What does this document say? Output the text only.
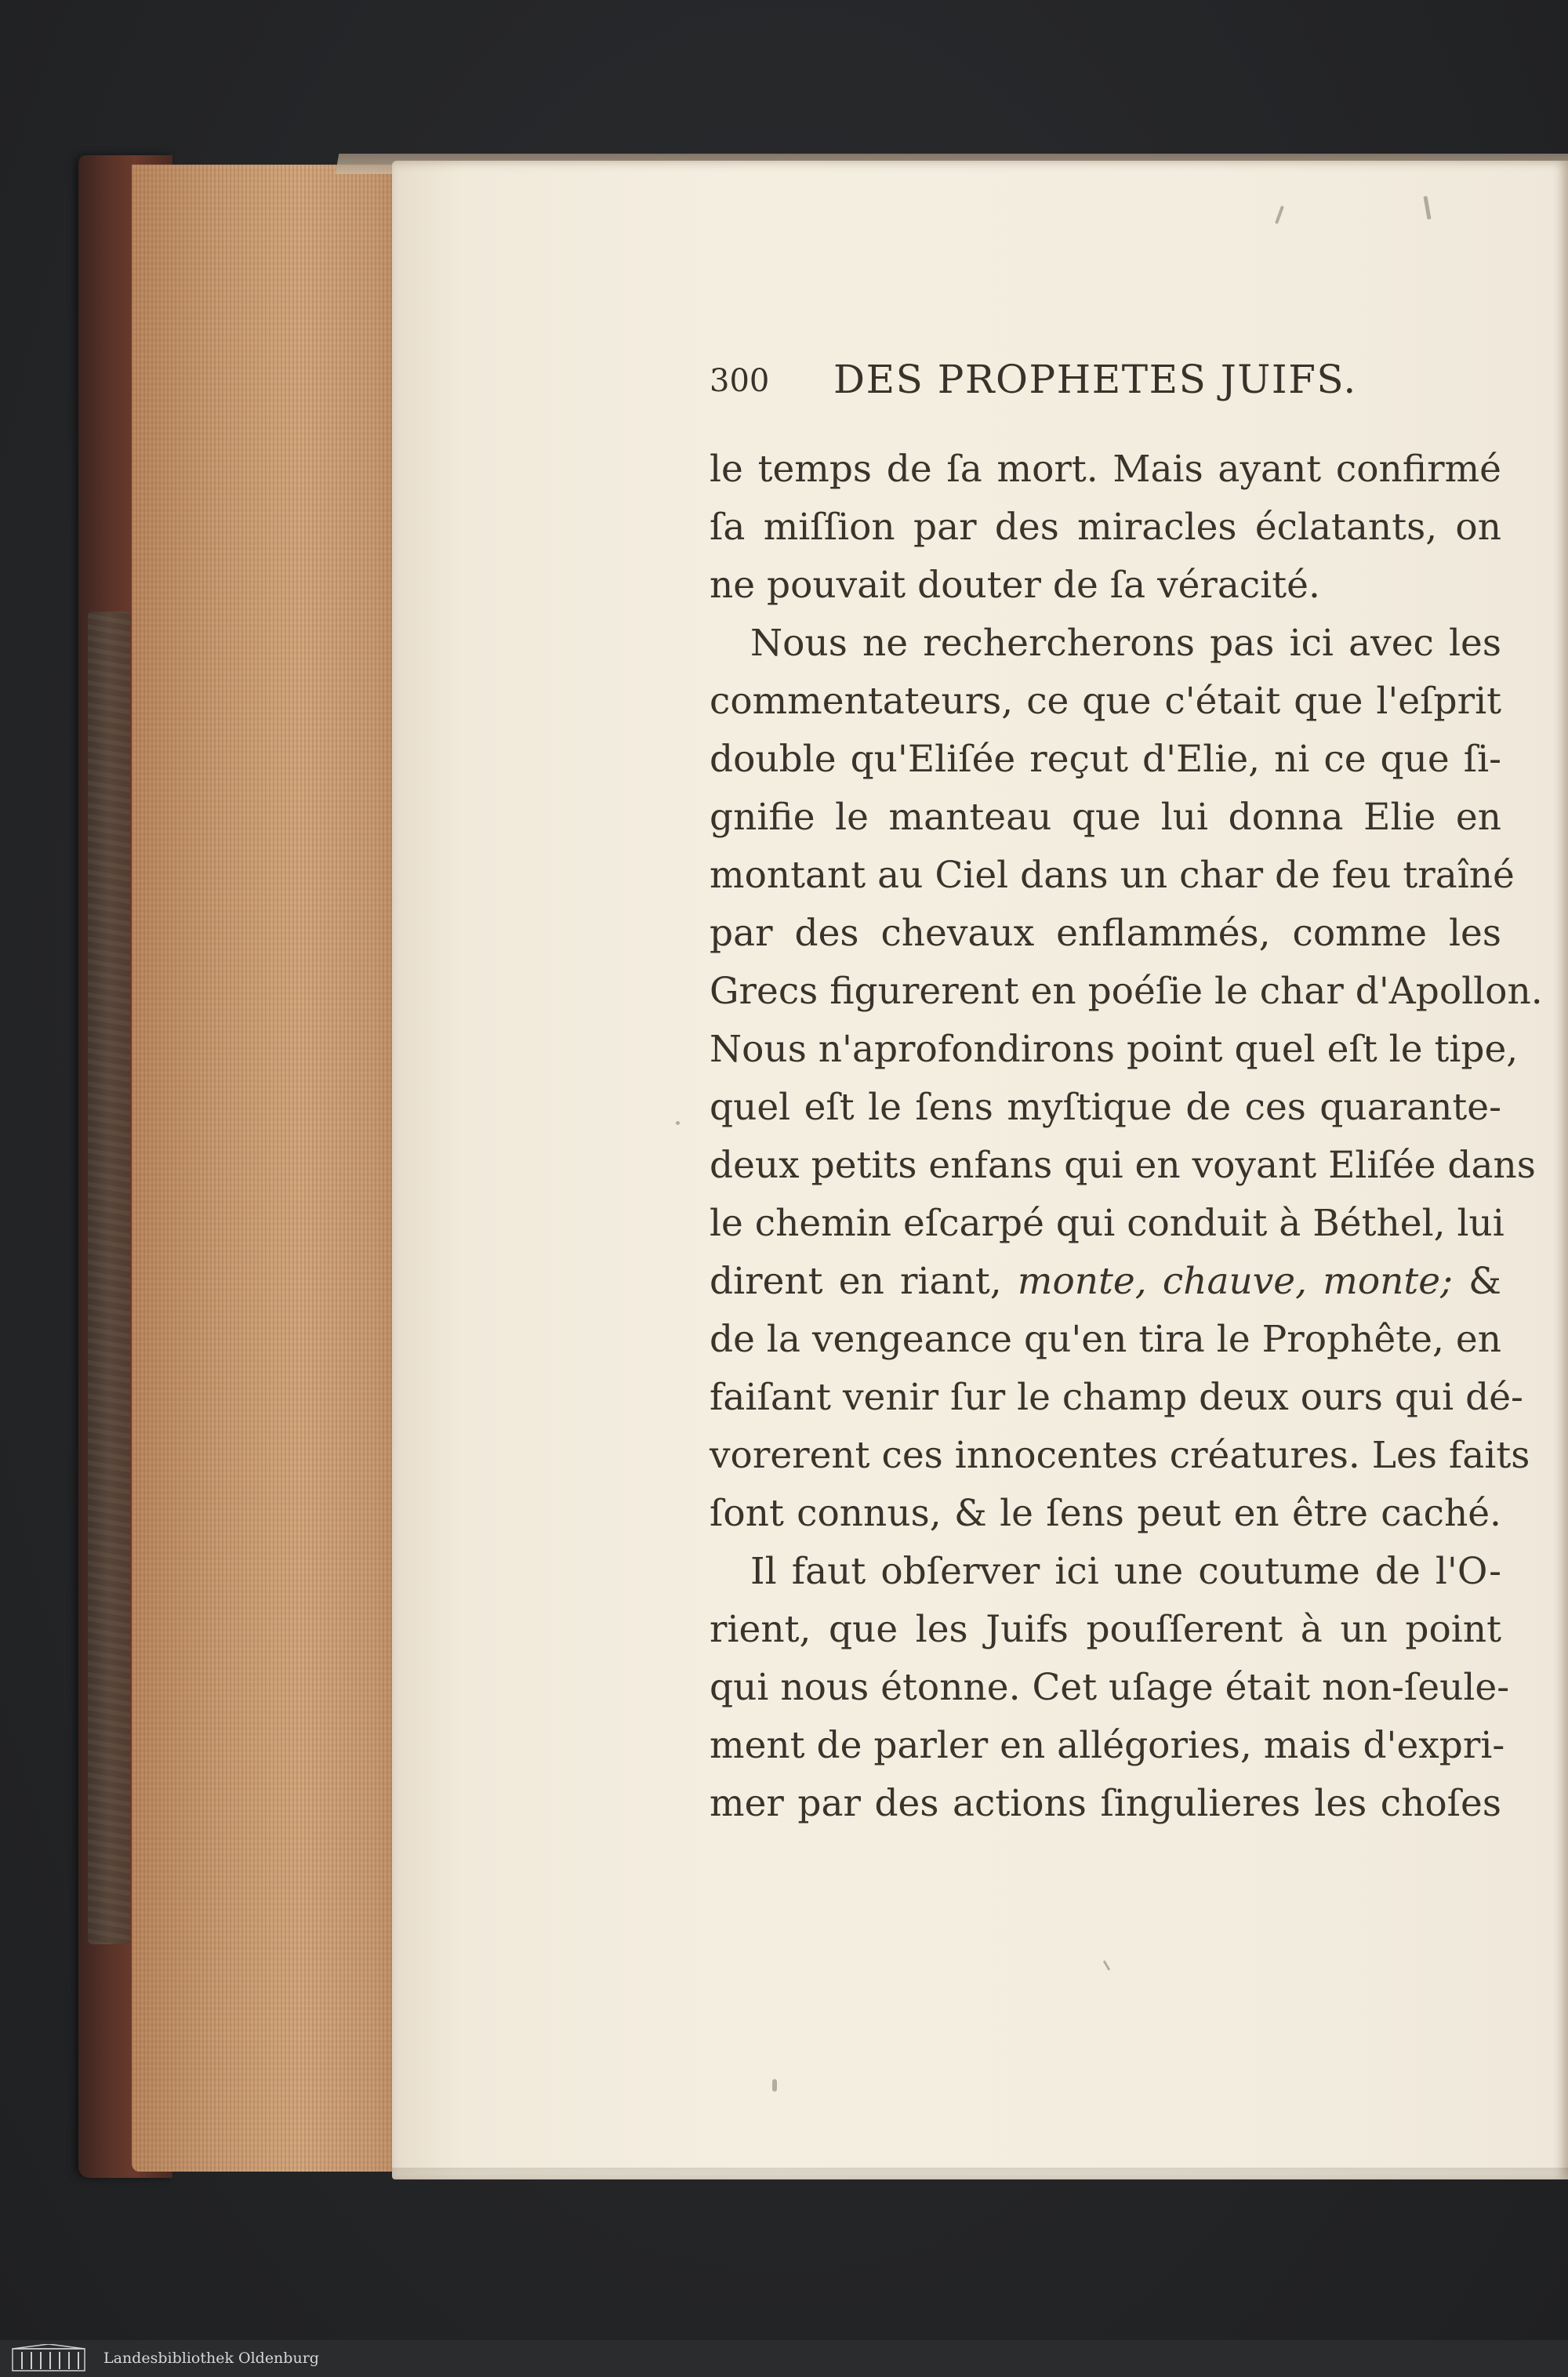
300 DES PROPHETES JUIFS.
le temps de ſa mort. Mais ayant confirmé
ſa miſſion par des miracles éclatants, on
ne pouvait douter de ſa véracité.
Nous ne rechercherons pas ici avec les
commentateurs, ce que c'était que l'eſprit
double qu'Eliſée reçut d'Elie, ni ce que ſi-
gnifie le manteau que lui donna Elie en
montant au Ciel dans un char de feu traîné
par des chevaux enflammés, comme les
Grecs figurerent en poéſie le char d'Apollon.
Nous n'aprofondirons point quel eſt le tipe,
quel eſt le ſens myſtique de ces quarante-
deux petits enfans qui en voyant Eliſée dans
le chemin eſcarpé qui conduit à Béthel, lui
dirent en riant, monte, chauve, monte; &
de la vengeance qu'en tira le Prophête, en
faiſant venir ſur le champ deux ours qui dé-
vorerent ces innocentes créatures. Les faits
ſont connus, & le ſens peut en être caché.
Il faut obſerver ici une coutume de l'O-
rient, que les Juifs pouſſerent à un point
qui nous étonne. Cet uſage était non-ſeule-
ment de parler en allégories, mais d'expri-
mer par des actions ſingulieres les choſes
Landesbibliothek Oldenburg
